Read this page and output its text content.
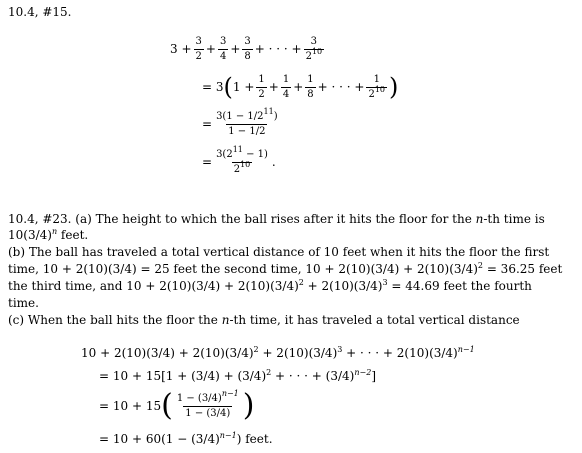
10.4, #15.
$3 + \frac{3}{2} + \frac{3}{4} + \frac{3}{8}$ + · · · + $\frac{3}{2^{10}}$
= 3 ( $1 + \frac{1}{2} + \frac{1}{4} + \frac{1}{8}$ + · · · + $\frac{1}{2^{10}}$ )
= $\frac{3(1 - 1/2^{11})}{1 - 1/2}$
= $\frac{3(2^{11} - 1)}{2^{10}}$ .
10.4, #23. (a) The height to which the ball rises after it hits the floor for the n-th time is
$10(3/4)^n$ feet.
(b) The ball has traveled a total vertical distance of 10 feet when it hits the floor the first
time, 10 + 2(10)(3/4) = 25 feet the second time, $10 + 2(10)(3/4) + 2(10)(3/4)^2 = 36.25$ feet
the third time, and $10 + 2(10)(3/4) + 2(10)(3/4)^2 + 2(10)(3/4)^3 = 44.69$ feet the fourth
time.
(c) When the ball hits the floor the n-th time, it has traveled a total vertical distance
$10 + 2(10)(3/4) + 2(10)(3/4)^2 + 2(10)(3/4)^3$ + · · · + $2(10)(3/4)^{n-1}$
= $10 + 15[1 + (3/4) + (3/4)^2$ + · · · + $(3/4)^{n-2}$]
= 10 + 15 ( $\frac{1 - (3/4)^{n-1}}{1 - (3/4)}$ )
= $10 + 60(1 - (3/4)^{n-1})$ feet.
